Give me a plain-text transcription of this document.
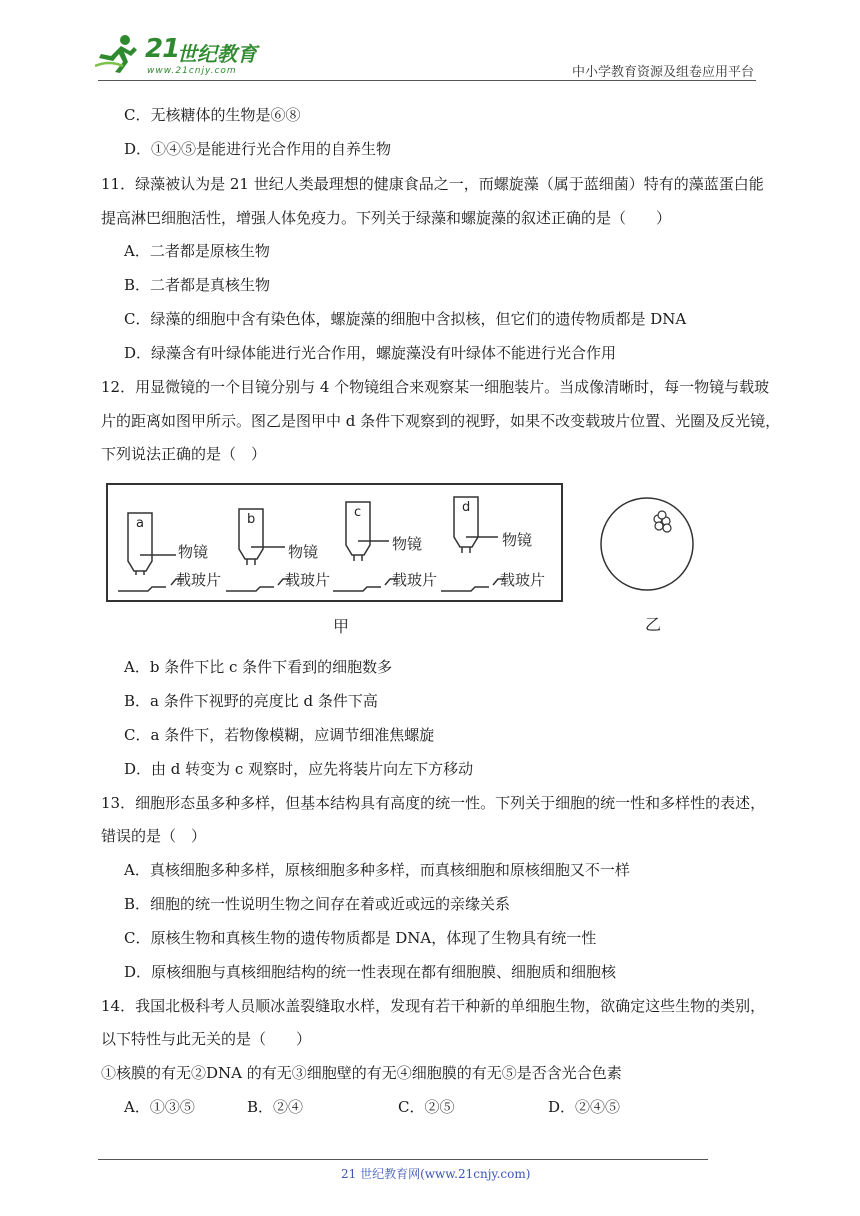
21
世纪教育
www.21cnjy.com	中小学教育资源及组卷应用平台
C．无核糖体的生物是⑥⑧
D．①④⑤是能进行光合作用的自养生物
11．绿藻被认为是 21 世纪人类最理想的健康食品之一，而螺旋藻（属于蓝细菌）特有的藻蓝蛋白能
提高淋巴细胞活性，增强人体免疫力。下列关于绿藻和螺旋藻的叙述正确的是（　　）
A．二者都是原核生物
B．二者都是真核生物
C．绿藻的细胞中含有染色体，螺旋藻的细胞中含拟核，但它们的遗传物质都是 DNA
D．绿藻含有叶绿体能进行光合作用，螺旋藻没有叶绿体不能进行光合作用
12．用显微镜的一个目镜分别与 4 个物镜组合来观察某一细胞装片。当成像清晰时，每一物镜与载玻
片的距离如图甲所示。图乙是图甲中 d 条件下观察到的视野，如果不改变载玻片位置、光圈及反光镜，
下列说法正确的是（　）
a
物镜
载玻片
b
物镜
载玻片
c
物镜
载玻片
d
物镜
载玻片
甲	乙
A．b 条件下比 c 条件下看到的细胞数多
B．a 条件下视野的亮度比 d 条件下高
C．a 条件下，若物像模糊，应调节细准焦螺旋
D．由 d 转变为 c 观察时，应先将装片向左下方移动
13．细胞形态虽多种多样，但基本结构具有高度的统一性。下列关于细胞的统一性和多样性的表述，
错误的是（　）
A．真核细胞多种多样，原核细胞多种多样，而真核细胞和原核细胞又不一样
B．细胞的统一性说明生物之间存在着或近或远的亲缘关系
C．原核生物和真核生物的遗传物质都是 DNA，体现了生物具有统一性
D．原核细胞与真核细胞结构的统一性表现在都有细胞膜、细胞质和细胞核
14．我国北极科考人员顺冰盖裂缝取水样，发现有若干种新的单细胞生物，欲确定这些生物的类别，
以下特性与此无关的是（　　）
①核膜的有无②DNA 的有无③细胞壁的有无④细胞膜的有无⑤是否含光合色素
A．①③⑤	B．②④	C．②⑤	D．②④⑤
21 世纪教育网(www.21cnjy.com)
